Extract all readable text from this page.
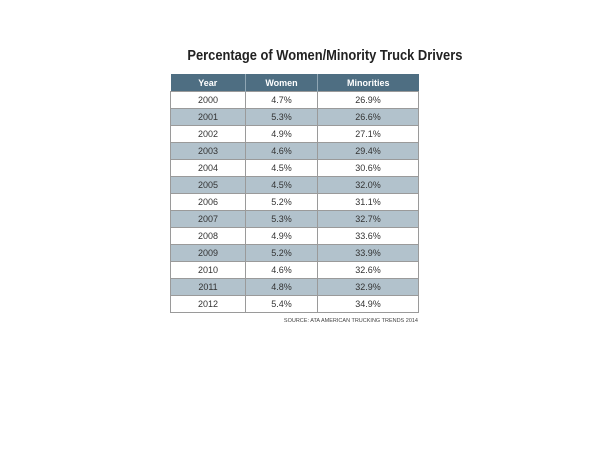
Percentage of Women/Minority Truck Drivers
Year	Women	Minorities
2000	4.7%	26.9%
2001	5.3%	26.6%
2002	4.9%	27.1%
2003	4.6%	29.4%
2004	4.5%	30.6%
2005	4.5%	32.0%
2006	5.2%	31.1%
2007	5.3%	32.7%
2008	4.9%	33.6%
2009	5.2%	33.9%
2010	4.6%	32.6%
2011	4.8%	32.9%
2012	5.4%	34.9%
SOURCE: ATA AMERICAN TRUCKING TRENDS 2014
